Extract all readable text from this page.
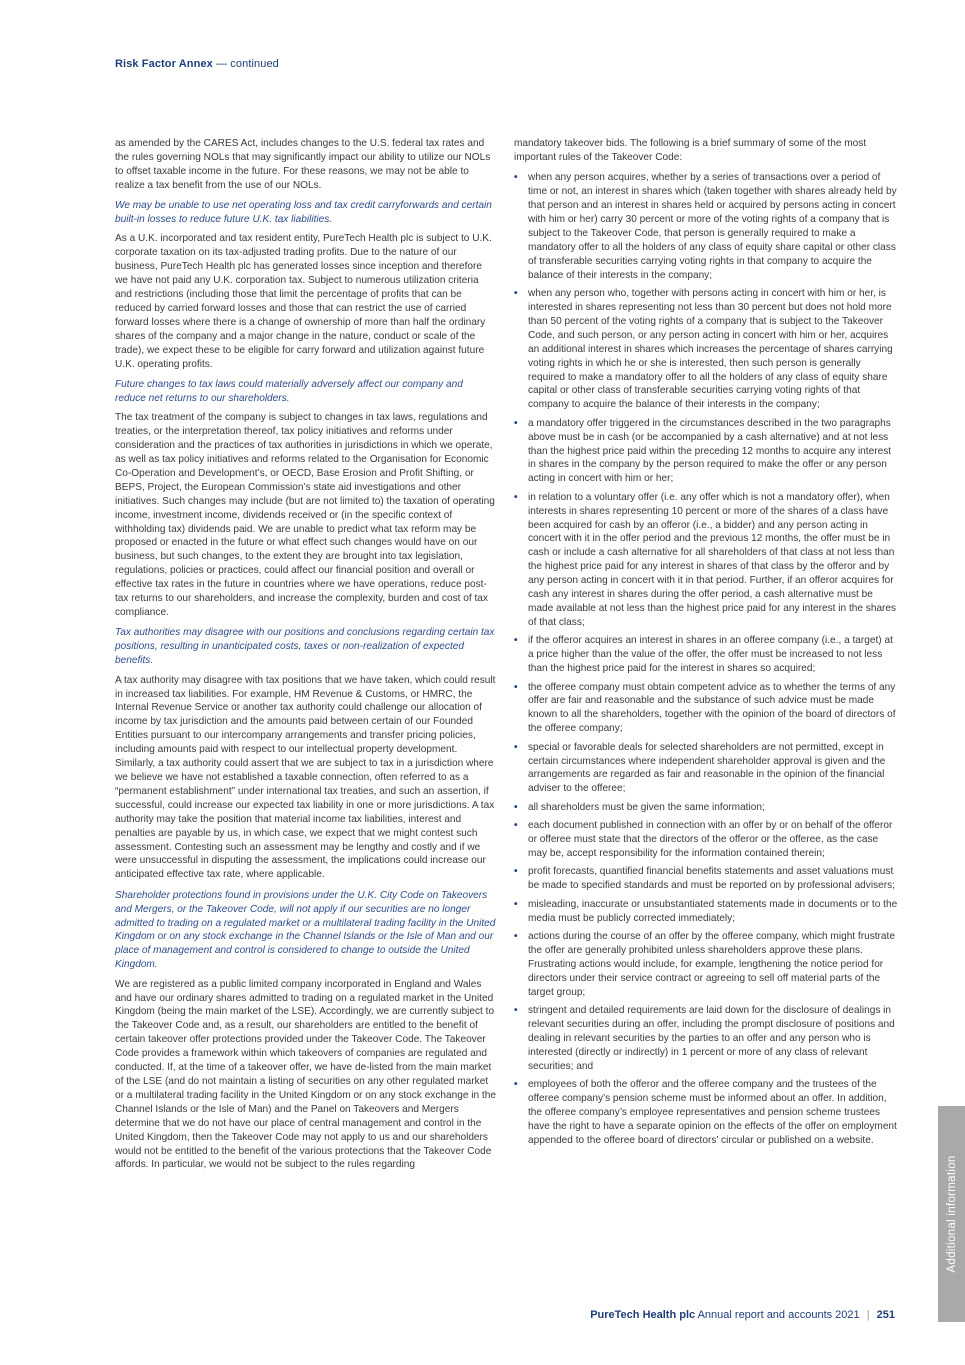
Risk Factor Annex — continued

as amended by the CARES Act, includes changes to the U.S. federal tax rates and the rules governing NOLs that may significantly impact our ability to utilize our NOLs to offset taxable income in the future. For these reasons, we may not be able to realize a tax benefit from the use of our NOLs.

We may be unable to use net operating loss and tax credit carryforwards and certain built-in losses to reduce future U.K. tax liabilities.

As a U.K. incorporated and tax resident entity, PureTech Health plc is subject to U.K. corporate taxation on its tax-adjusted trading profits. Due to the nature of our business, PureTech Health plc has generated losses since inception and therefore we have not paid any U.K. corporation tax. Subject to numerous utilization criteria and restrictions (including those that limit the percentage of profits that can be reduced by carried forward losses and those that can restrict the use of carried forward losses where there is a change of ownership of more than half the ordinary shares of the company and a major change in the nature, conduct or scale of the trade), we expect these to be eligible for carry forward and utilization against future U.K. operating profits.

Future changes to tax laws could materially adversely affect our company and reduce net returns to our shareholders.

The tax treatment of the company is subject to changes in tax laws, regulations and treaties, or the interpretation thereof, tax policy initiatives and reforms under consideration and the practices of tax authorities in jurisdictions in which we operate, as well as tax policy initiatives and reforms related to the Organisation for Economic Co-Operation and Development’s, or OECD, Base Erosion and Profit Shifting, or BEPS, Project, the European Commission’s state aid investigations and other initiatives. Such changes may include (but are not limited to) the taxation of operating income, investment income, dividends received or (in the specific context of withholding tax) dividends paid. We are unable to predict what tax reform may be proposed or enacted in the future or what effect such changes would have on our business, but such changes, to the extent they are brought into tax legislation, regulations, policies or practices, could affect our financial position and overall or effective tax rates in the future in countries where we have operations, reduce post-tax returns to our shareholders, and increase the complexity, burden and cost of tax compliance.

Tax authorities may disagree with our positions and conclusions regarding certain tax positions, resulting in unanticipated costs, taxes or non-realization of expected benefits.

A tax authority may disagree with tax positions that we have taken, which could result in increased tax liabilities. For example, HM Revenue & Customs, or HMRC, the Internal Revenue Service or another tax authority could challenge our allocation of income by tax jurisdiction and the amounts paid between certain of our Founded Entities pursuant to our intercompany arrangements and transfer pricing policies, including amounts paid with respect to our intellectual property development. Similarly, a tax authority could assert that we are subject to tax in a jurisdiction where we believe we have not established a taxable connection, often referred to as a “permanent establishment” under international tax treaties, and such an assertion, if successful, could increase our expected tax liability in one or more jurisdictions. A tax authority may take the position that material income tax liabilities, interest and penalties are payable by us, in which case, we expect that we might contest such assessment. Contesting such an assessment may be lengthy and costly and if we were unsuccessful in disputing the assessment, the implications could increase our anticipated effective tax rate, where applicable.

Shareholder protections found in provisions under the U.K. City Code on Takeovers and Mergers, or the Takeover Code, will not apply if our securities are no longer admitted to trading on a regulated market or a multilateral trading facility in the United Kingdom or on any stock exchange in the Channel Islands or the Isle of Man and our place of management and control is considered to change to outside the United Kingdom.

We are registered as a public limited company incorporated in England and Wales and have our ordinary shares admitted to trading on a regulated market in the United Kingdom (being the main market of the LSE). Accordingly, we are currently subject to the Takeover Code and, as a result, our shareholders are entitled to the benefit of certain takeover offer protections provided under the Takeover Code. The Takeover Code provides a framework within which takeovers of companies are regulated and conducted. If, at the time of a takeover offer, we have de-listed from the main market of the LSE (and do not maintain a listing of securities on any other regulated market or a multilateral trading facility in the United Kingdom or on any stock exchange in the Channel Islands or the Isle of Man) and the Panel on Takeovers and Mergers determine that we do not have our place of central management and control in the United Kingdom, then the Takeover Code may not apply to us and our shareholders would not be entitled to the benefit of the various protections that the Takeover Code affords. In particular, we would not be subject to the rules regarding

mandatory takeover bids. The following is a brief summary of some of the most important rules of the Takeover Code:

• when any person acquires, whether by a series of transactions over a period of time or not, an interest in shares which (taken together with shares already held by that person and an interest in shares held or acquired by persons acting in concert with him or her) carry 30 percent or more of the voting rights of a company that is subject to the Takeover Code, that person is generally required to make a mandatory offer to all the holders of any class of equity share capital or other class of transferable securities carrying voting rights in that company to acquire the balance of their interests in the company;
• when any person who, together with persons acting in concert with him or her, is interested in shares representing not less than 30 percent but does not hold more than 50 percent of the voting rights of a company that is subject to the Takeover Code, and such person, or any person acting in concert with him or her, acquires an additional interest in shares which increases the percentage of shares carrying voting rights in which he or she is interested, then such person is generally required to make a mandatory offer to all the holders of any class of equity share capital or other class of transferable securities carrying voting rights of that company to acquire the balance of their interests in the company;
• a mandatory offer triggered in the circumstances described in the two paragraphs above must be in cash (or be accompanied by a cash alternative) and at not less than the highest price paid within the preceding 12 months to acquire any interest in shares in the company by the person required to make the offer or any person acting in concert with him or her;
• in relation to a voluntary offer (i.e. any offer which is not a mandatory offer), when interests in shares representing 10 percent or more of the shares of a class have been acquired for cash by an offeror (i.e., a bidder) and any person acting in concert with it in the offer period and the previous 12 months, the offer must be in cash or include a cash alternative for all shareholders of that class at not less than the highest price paid for any interest in shares of that class by the offeror and by any person acting in concert with it in that period. Further, if an offeror acquires for cash any interest in shares during the offer period, a cash alternative must be made available at not less than the highest price paid for any interest in the shares of that class;
• if the offeror acquires an interest in shares in an offeree company (i.e., a target) at a price higher than the value of the offer, the offer must be increased to not less than the highest price paid for the interest in shares so acquired;
• the offeree company must obtain competent advice as to whether the terms of any offer are fair and reasonable and the substance of such advice must be made known to all the shareholders, together with the opinion of the board of directors of the offeree company;
• special or favorable deals for selected shareholders are not permitted, except in certain circumstances where independent shareholder approval is given and the arrangements are regarded as fair and reasonable in the opinion of the financial adviser to the offeree;
• all shareholders must be given the same information;
• each document published in connection with an offer by or on behalf of the offeror or offeree must state that the directors of the offeror or the offeree, as the case may be, accept responsibility for the information contained therein;
• profit forecasts, quantified financial benefits statements and asset valuations must be made to specified standards and must be reported on by professional advisers;
• misleading, inaccurate or unsubstantiated statements made in documents or to the media must be publicly corrected immediately;
• actions during the course of an offer by the offeree company, which might frustrate the offer are generally prohibited unless shareholders approve these plans. Frustrating actions would include, for example, lengthening the notice period for directors under their service contract or agreeing to sell off material parts of the target group;
• stringent and detailed requirements are laid down for the disclosure of dealings in relevant securities during an offer, including the prompt disclosure of positions and dealing in relevant securities by the parties to an offer and any person who is interested (directly or indirectly) in 1 percent or more of any class of relevant securities; and
• employees of both the offeror and the offeree company and the trustees of the offeree company’s pension scheme must be informed about an offer. In addition, the offeree company’s employee representatives and pension scheme trustees have the right to have a separate opinion on the effects of the offer on employment appended to the offeree board of directors’ circular or published on a website.
PureTech Health plc Annual report and accounts 2021 | 251
Additional information
